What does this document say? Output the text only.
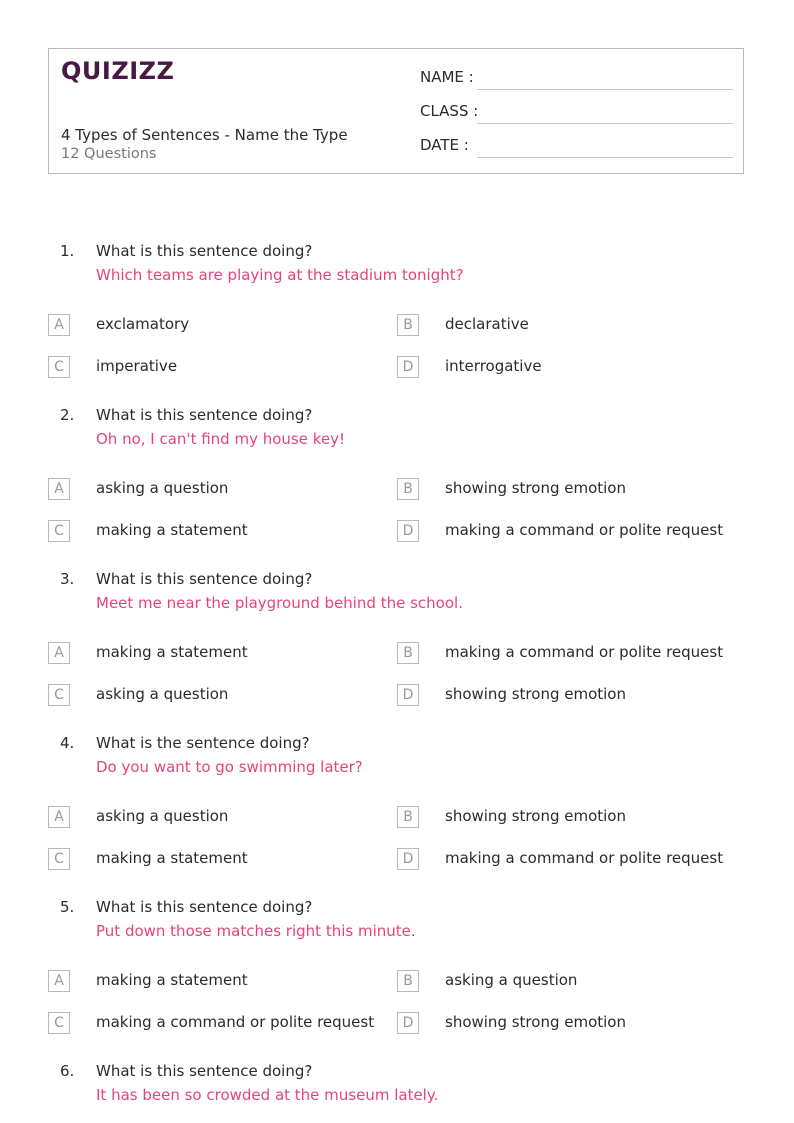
QUIZIZZ
4 Types of Sentences - Name the Type
12 Questions
NAME :
CLASS :
DATE :
1. What is this sentence doing?
Which teams are playing at the stadium tonight?
A	exclamatory	B	declarative
C	imperative	D	interrogative
2. What is this sentence doing?
Oh no, I can't find my house key!
A	asking a question	B	showing strong emotion
C	making a statement	D	making a command or polite request
3. What is this sentence doing?
Meet me near the playground behind the school.
A	making a statement	B	making a command or polite request
C	asking a question	D	showing strong emotion
4. What is the sentence doing?
Do you want to go swimming later?
A	asking a question	B	showing strong emotion
C	making a statement	D	making a command or polite request
5. What is this sentence doing?
Put down those matches right this minute.
A	making a statement	B	asking a question
C	making a command or polite request	D	showing strong emotion
6. What is this sentence doing?
It has been so crowded at the museum lately.
